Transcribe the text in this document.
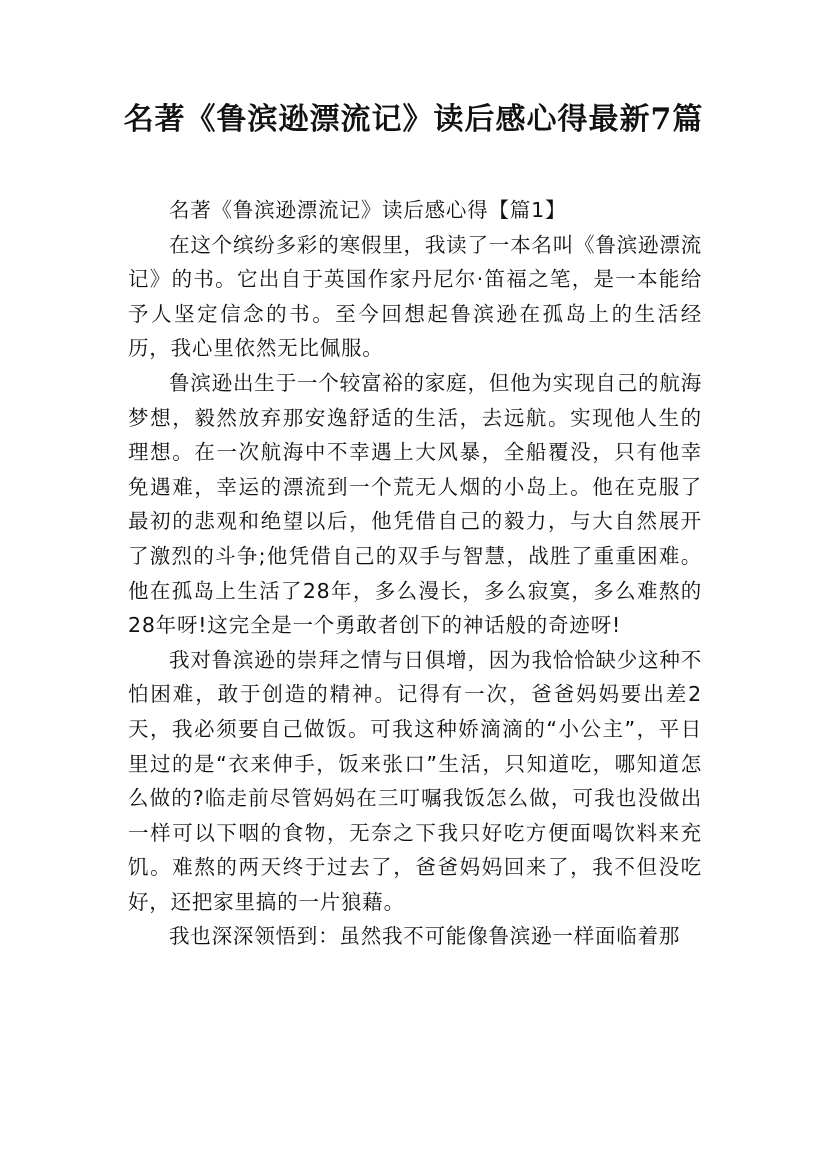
名著《鲁滨逊漂流记》读后感心得最新7篇

名著《鲁滨逊漂流记》读后感心得【篇1】

在这个缤纷多彩的寒假里，我读了一本名叫《鲁滨逊漂流记》的书。它出自于英国作家丹尼尔·笛福之笔，是一本能给予人坚定信念的书。至今回想起鲁滨逊在孤岛上的生活经历，我心里依然无比佩服。

鲁滨逊出生于一个较富裕的家庭，但他为实现自己的航海梦想，毅然放弃那安逸舒适的生活，去远航。实现他人生的理想。在一次航海中不幸遇上大风暴，全船覆没，只有他幸免遇难，幸运的漂流到一个荒无人烟的小岛上。他在克服了最初的悲观和绝望以后，他凭借自己的毅力，与大自然展开了激烈的斗争;他凭借自己的双手与智慧，战胜了重重困难。他在孤岛上生活了28年，多么漫长，多么寂寞，多么难熬的28年呀!这完全是一个勇敢者创下的神话般的奇迹呀!

我对鲁滨逊的崇拜之情与日俱增，因为我恰恰缺少这种不怕困难，敢于创造的精神。记得有一次，爸爸妈妈要出差2天，我必须要自己做饭。可我这种娇滴滴的“小公主”，平日里过的是“衣来伸手，饭来张口”生活，只知道吃，哪知道怎么做的?临走前尽管妈妈在三叮嘱我饭怎么做，可我也没做出一样可以下咽的食物，无奈之下我只好吃方便面喝饮料来充饥。难熬的两天终于过去了，爸爸妈妈回来了，我不但没吃好，还把家里搞的一片狼藉。

我也深深领悟到：虽然我不可能像鲁滨逊一样面临着那
